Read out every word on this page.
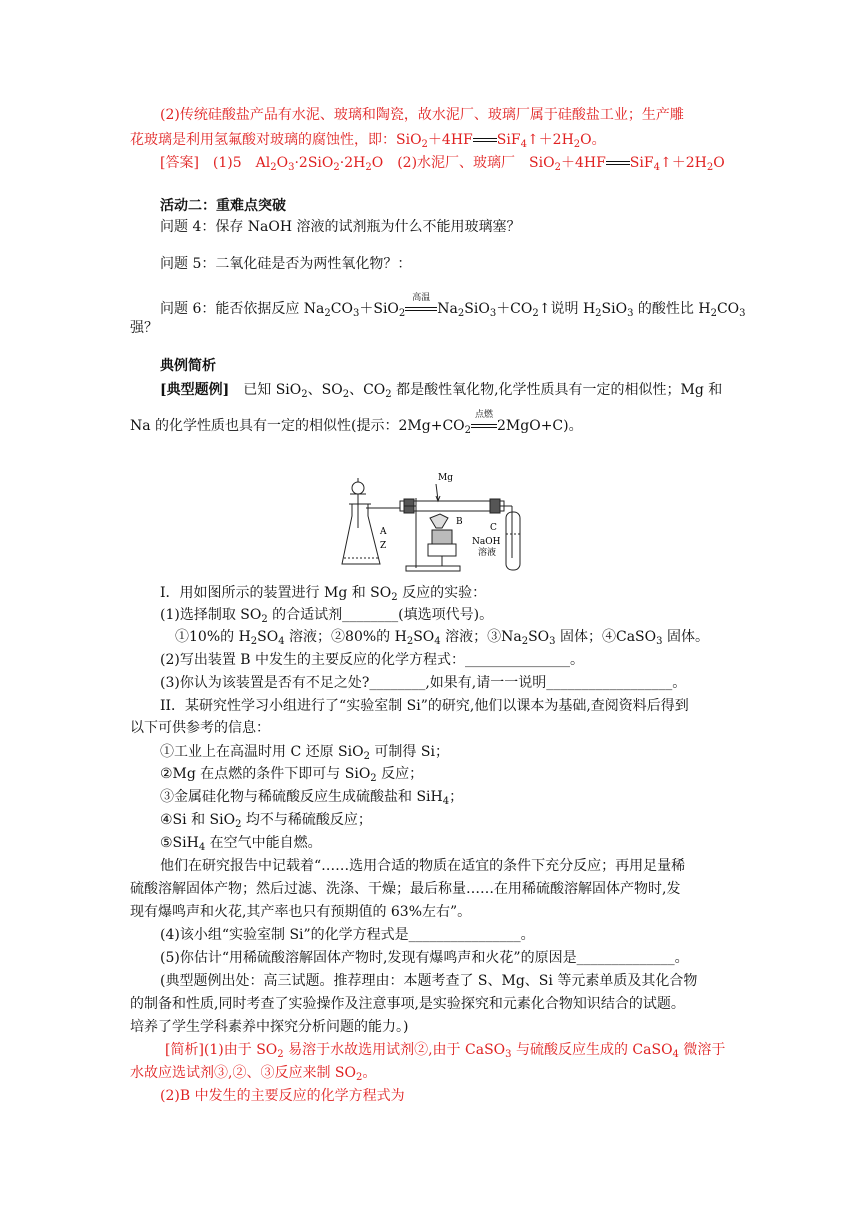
(2)传统硅酸盐产品有水泥、玻璃和陶瓷，故水泥厂、玻璃厂属于硅酸盐工业；生产雕
花玻璃是利用氢氟酸对玻璃的腐蚀性，即：SiO$_2$＋4HF $SiF_4↑+2H_2O$。
[答案]　(1)5　$Al_2O_3\cdot 2SiO_2\cdot 2H_2O$　(2)水泥厂、玻璃厂　SiO$_2$＋4HF $SiF_4↑+2H_2O$
活动二：重难点突破
问题 4：保存 NaOH 溶液的试剂瓶为什么不能用玻璃塞？
问题 5：二氧化硅是否为两性氧化物？：
问题 6：能否依据反应 $Na_2CO_3+SiO_2$
高温
$Na_2SiO_3+CO_2↑$说明 $H_2SiO_3$ 的酸性比 $H_2CO_3$
强？
典例简析
[典型题例]　已知 SiO$_2$、$SO_2$、$CO_2$ 都是酸性氧化物,化学性质具有一定的相似性；Mg 和
Na 的化学性质也具有一定的相似性(提示：$2Mg+CO_2$
点燃
2MgO+C)。
Mg
A
Z
B
C
NaOH
溶液
I．用如图所示的装置进行 Mg 和 $SO_2$ 反应的实验：
(1)选择制取 $SO_2$ 的合适试剂________(填选项代号)。
①10%的 $H_2SO_4$ 溶液；②80%的 $H_2SO_4$ 溶液；$③Na_2SO_3$ 固体；④CaSO$_3$ 固体。
(2)写出装置 B 中发生的主要反应的化学方程式：_______________。
(3)你认为该装置是否有不足之处?________,如果有,请一一说明__________________。
II．某研究性学习小组进行了“实验室制 Si”的研究,他们以课本为基础,查阅资料后得到
以下可供参考的信息：
①工业上在高温时用 C 还原 SiO$_2$ 可制得 Si；
②Mg 在点燃的条件下即可与 SiO$_2$ 反应；
③金属硅化物与稀硫酸反应生成硫酸盐和 SiH$_4$；
④Si 和 SiO$_2$ 均不与稀硫酸反应；
⑤SiH$_4$ 在空气中能自燃。
他们在研究报告中记载着“……选用合适的物质在适宜的条件下充分反应；再用足量稀
硫酸溶解固体产物；然后过滤、洗涤、干燥；最后称量……在用稀硫酸溶解固体产物时,发
现有爆鸣声和火花,其产率也只有预期值的 63%左右”。
(4)该小组“实验室制 Si”的化学方程式是________________。
(5)你估计“用稀硫酸溶解固体产物时,发现有爆鸣声和火花”的原因是______________。
(典型题例出处：高三试题。推荐理由：本题考查了 S、Mg、Si 等元素单质及其化合物
的制备和性质,同时考查了实验操作及注意事项,是实验探究和元素化合物知识结合的试题。
培养了学生学科素养中探究分析问题的能力。)
[简析](1)由于 $SO_2$ 易溶于水故选用试剂②,由于 CaSO$_3$ 与硫酸反应生成的 CaSO$_4$ 微溶于
水故应选试剂③,②、③反应来制 $SO_2$。
(2)B 中发生的主要反应的化学方程式为
